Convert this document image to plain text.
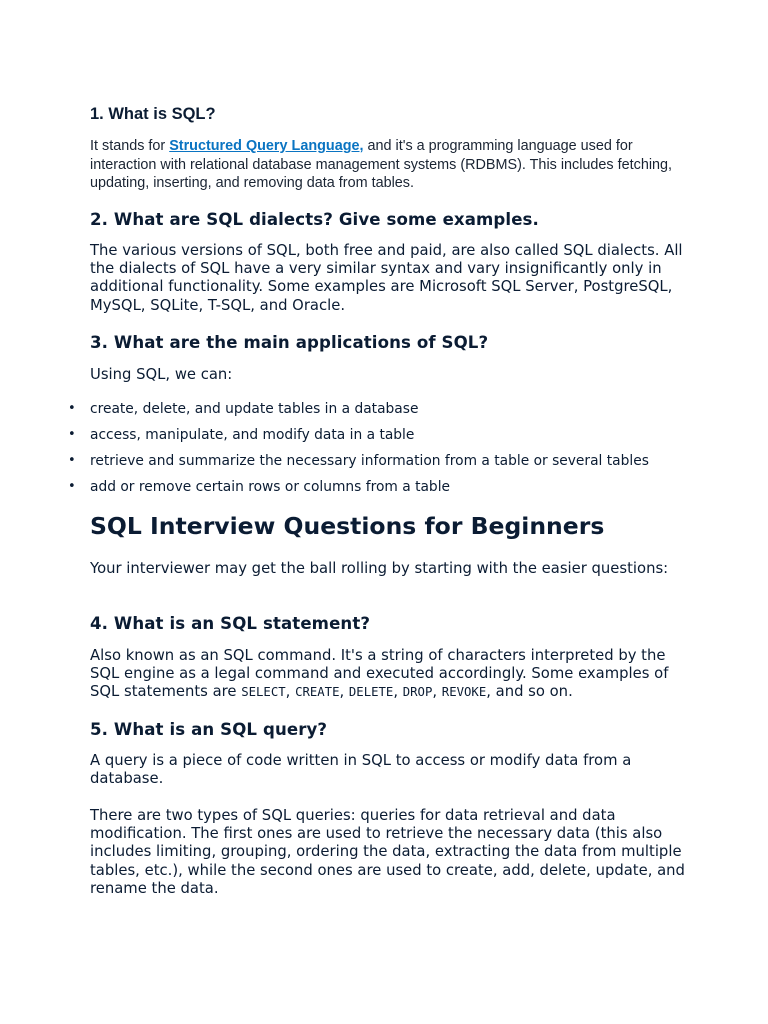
1. What is SQL?

It stands for Structured Query Language, and it's a programming language used for interaction with relational database management systems (RDBMS). This includes fetching, updating, inserting, and removing data from tables.

2. What are SQL dialects? Give some examples.

The various versions of SQL, both free and paid, are also called SQL dialects. All the dialects of SQL have a very similar syntax and vary insignificantly only in additional functionality. Some examples are Microsoft SQL Server, PostgreSQL, MySQL, SQLite, T-SQL, and Oracle.

3. What are the main applications of SQL?

Using SQL, we can:

• create, delete, and update tables in a database
• access, manipulate, and modify data in a table
• retrieve and summarize the necessary information from a table or several tables
• add or remove certain rows or columns from a table
SQL Interview Questions for Beginners

Your interviewer may get the ball rolling by starting with the easier questions:

4. What is an SQL statement?

Also known as an SQL command. It's a string of characters interpreted by the SQL engine as a legal command and executed accordingly. Some examples of SQL statements are SELECT, CREATE, DELETE, DROP, REVOKE, and so on.

5. What is an SQL query?

A query is a piece of code written in SQL to access or modify data from a database.

There are two types of SQL queries: queries for data retrieval and data modification. The first ones are used to retrieve the necessary data (this also includes limiting, grouping, ordering the data, extracting the data from multiple tables, etc.), while the second ones are used to create, add, delete, update, and rename the data.
